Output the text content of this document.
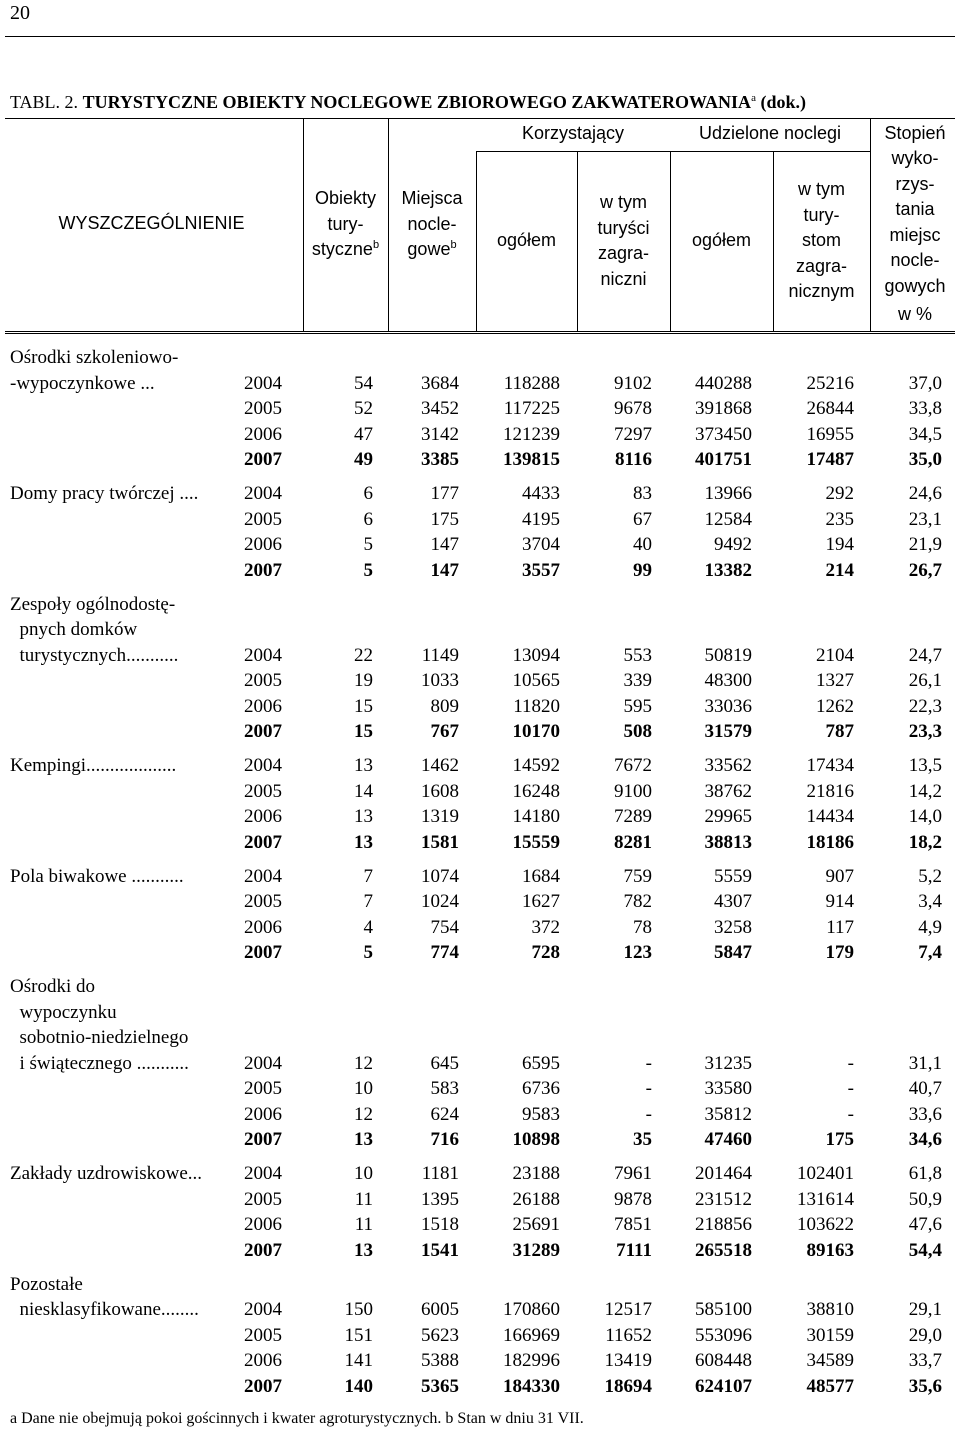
20
TABL. 2. TURYSTYCZNE OBIEKTY NOCLEGOWE ZBIOROWEGO ZAKWATEROWANIA$^a$ (dok.)
WYSZCZEGÓLNIENIE
Obiekty
tury-
styczne$^b$
Miejsca
nocle-
gowe$^b$
Korzystający	Udzielone noclegi	Stopień
ogółem
w tym
turyści
zagra-
niczni
ogółem
w tym
tury-
stom
zagra-
nicznym
wyko-
rzys-
tania
miejsc
nocle-
gowych
w %
Ośrodki szkoleniowo-
-wypoczynkowe ...	2004	54	3684 118288	9102 440288	25216	37,0
2005	52	3452 117225	9678 391868	26844	33,8
2006	47	3142 121239	7297 373450	16955	34,5
2007	49	3385 139815	8116 401751	17487	35,0
Domy pracy twórczej .... 2004	6	177	4433	83	13966	292	24,6
2005	6	175	4195	67	12584	235	23,1
2006	5	147	3704	40	9492	194	21,9
2007	5	147	3557	99	13382	214	26,7
Zespoły ogólnodostę-
pnych domków
turystycznych...........	2004	22	1149	13094	553	50819	2104	24,7
2005	19	1033	10565	339	48300	1327	26,1
2006	15	809	11820	595	33036	1262	22,3
2007	15	767	10170	508	31579	787	23,3
Kempingi...................	2004	13	1462	14592	7672	33562	17434	13,5
2005	14	1608	16248	9100	38762	21816	14,2
2006	13	1319	14180	7289	29965	14434	14,0
2007	13	1581	15559	8281	38813	18186	18,2
Pola biwakowe ...........	2004	7	1074	1684	759	5559	907	5,2
2005	7	1024	1627	782	4307	914	3,4
2006	4	754	372	78	3258	117	4,9
2007	5	774	728	123	5847	179	7,4
Ośrodki do
wypoczynku
sobotnio-niedzielnego
i świątecznego ...........	2004	12	645	6595	-	31235	-	31,1
2005	10	583	6736	-	33580	-	40,7
2006	12	624	9583	-	35812	-	33,6
2007	13	716	10898	35	47460	175	34,6
Zakłady uzdrowiskowe... 2004	10	1181	23188	7961 201464 102401	61,8
2005	11	1395	26188	9878 231512 131614	50,9
2006	11	1518	25691	7851 218856 103622	47,6
2007	13	1541	31289	7111 265518	89163	54,4
Pozostałe
niesklasyfikowane........ 2004	150	6005 170860 12517 585100	38810	29,1
2005	151	5623 166969 11652 553096	30159	29,0
2006	141	5388 182996 13419 608448	34589	33,7
2007	140	5365 184330 18694 624107	48577	35,6
a Dane nie obejmują pokoi gościnnych i kwater agroturystycznych. b Stan w dniu 31 VII.
